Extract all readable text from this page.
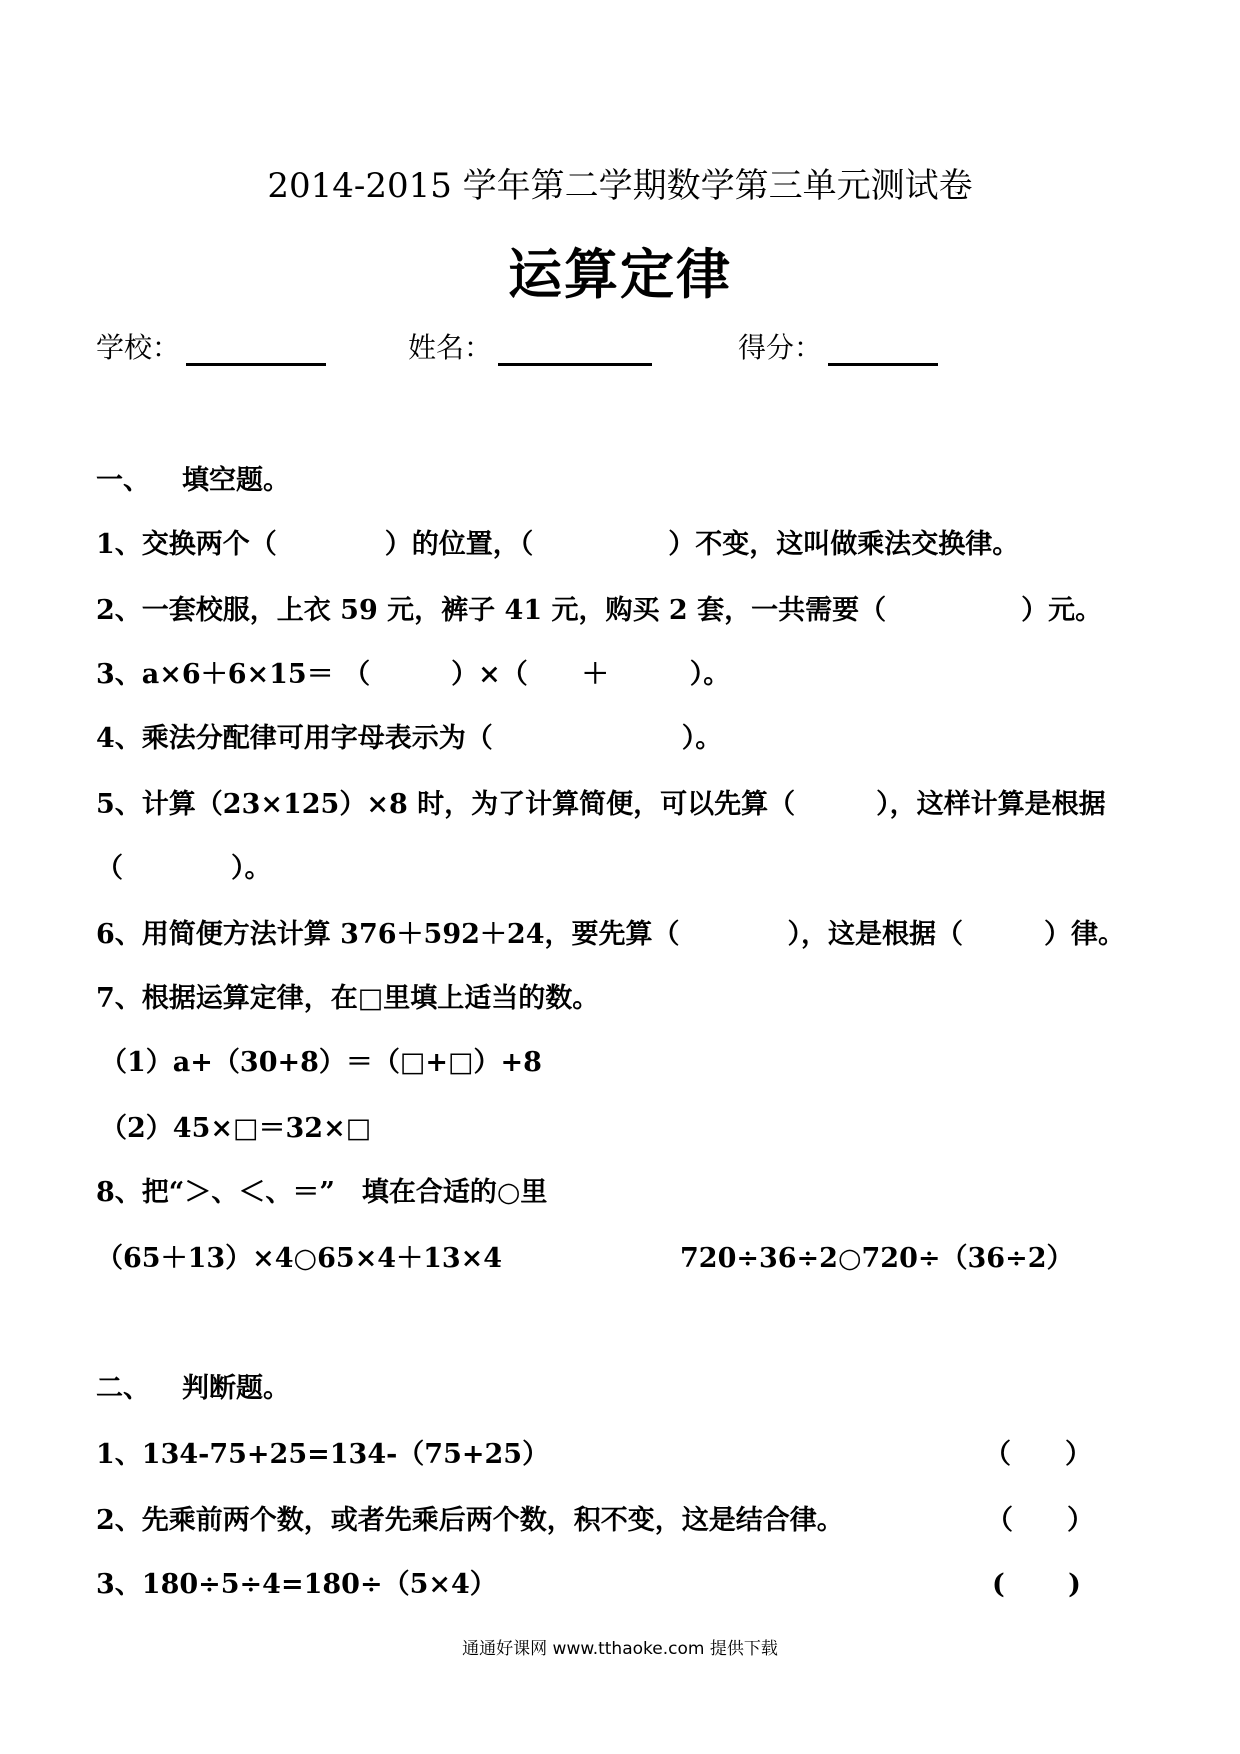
2014-2015 学年第二学期数学第三单元测试卷
运算定律
学校：	姓名：	得分：
一、 填空题。
1、交换两个（　　　　）的位置，（　　　　　）不变，这叫做乘法交换律。
2、一套校服，上衣 59 元，裤子 41 元，购买 2 套，一共需要（　　　　　）元。
3、a×6＋6×15＝ （　　　）×（　　＋　　　）。
4、乘法分配律可用字母表示为（　　　　　　　）。
5、计算（23×125）×8 时，为了计算简便，可以先算（　　　），这样计算是根据
（　　　　）。
6、用简便方法计算 376＋592＋24，要先算（　　　　），这是根据（　　　）律。
7、根据运算定律，在□里填上适当的数。
（1）a+（30+8）＝（□+□）+8
（2）45×□＝32×□
8、把“＞、＜、＝”　填在合适的○里
（65＋13）×4○65×4＋13×4	720÷36÷2○720÷（36÷2）
二、 判断题。
1、134-75+25=134-（75+25）	（　　）
2、先乘前两个数，或者先乘后两个数，积不变，这是结合律。	（　　）
3、180÷5÷4=180÷（5×4）	(　　 )
通通好课网 www.tthaoke.com 提供下载
